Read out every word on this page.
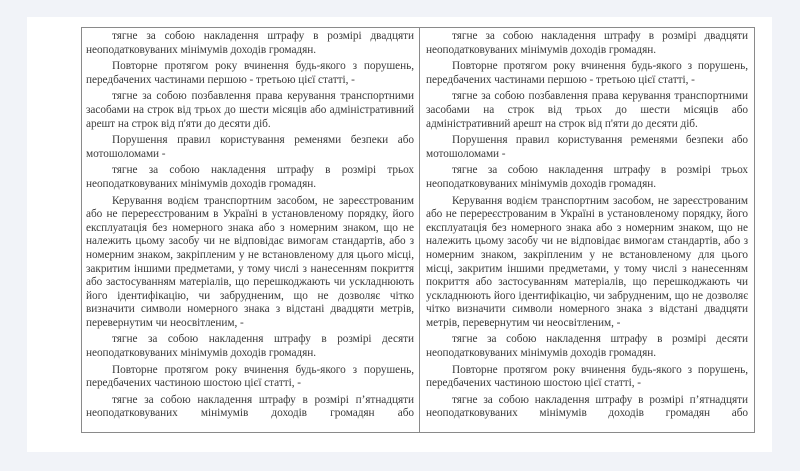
тягне за собою накладення штрафу в розмірі двадцяти неоподатковуваних мінімумів доходів громадян.

Повторне протягом року вчинення будь-якого з порушень, передбачених частинами першою - третьою цієї статті, -

тягне за собою позбавлення права керування транспортними засобами на строк від трьох до шести місяців або адміністративний арешт на строк від п'яти до десяти діб.

Порушення правил користування ременями безпеки або мотошоломами -

тягне за собою накладення штрафу в розмірі трьох неоподатковуваних мінімумів доходів громадян.

Керування водієм транспортним засобом, не зареєстрованим або не перереєстрованим в Україні в установленому порядку, його експлуатація без номерного знака або з номерним знаком, що не належить цьому засобу чи не відповідає вимогам стандартів, або з номерним знаком, закріпленим у не встановленому для цього місці, закритим іншими предметами, у тому числі з нанесенням покриття або застосуванням матеріалів, що перешкоджають чи ускладнюють його ідентифікацію, чи забрудненим, що не дозволяє чітко визначити символи номерного знака з відстані двадцяти метрів, перевернутим чи неосвітленим, -

тягне за собою накладення штрафу в розмірі десяти неоподатковуваних мінімумів доходів громадян.

Повторне протягом року вчинення будь-якого з порушень, передбачених частиною шостою цієї статті, -

тягне за собою накладення штрафу в розмірі п’ятнадцяти неоподатковуваних мінімумів доходів громадян або

тягне за собою накладення штрафу в розмірі двадцяти неоподатковуваних мінімумів доходів громадян.

Повторне протягом року вчинення будь-якого з порушень, передбачених частинами першою - третьою цієї статті, -

тягне за собою позбавлення права керування транспортними засобами на строк від трьох до шести місяців або адміністративний арешт на строк від п'яти до десяти діб.

Порушення правил користування ременями безпеки або мотошоломами -

тягне за собою накладення штрафу в розмірі трьох неоподатковуваних мінімумів доходів громадян.

Керування водієм транспортним засобом, не зареєстрованим або не перереєстрованим в Україні в установленому порядку, його експлуатація без номерного знака або з номерним знаком, що не належить цьому засобу чи не відповідає вимогам стандартів, або з номерним знаком, закріпленим у не встановленому для цього місці, закритим іншими предметами, у тому числі з нанесенням покриття або застосуванням матеріалів, що перешкоджають чи ускладнюють його ідентифікацію, чи забрудненим, що не дозволяє чітко визначити символи номерного знака з відстані двадцяти метрів, перевернутим чи неосвітленим, -

тягне за собою накладення штрафу в розмірі десяти неоподатковуваних мінімумів доходів громадян.

Повторне протягом року вчинення будь-якого з порушень, передбачених частиною шостою цієї статті, -

тягне за собою накладення штрафу в розмірі п’ятнадцяти неоподатковуваних мінімумів доходів громадян або
